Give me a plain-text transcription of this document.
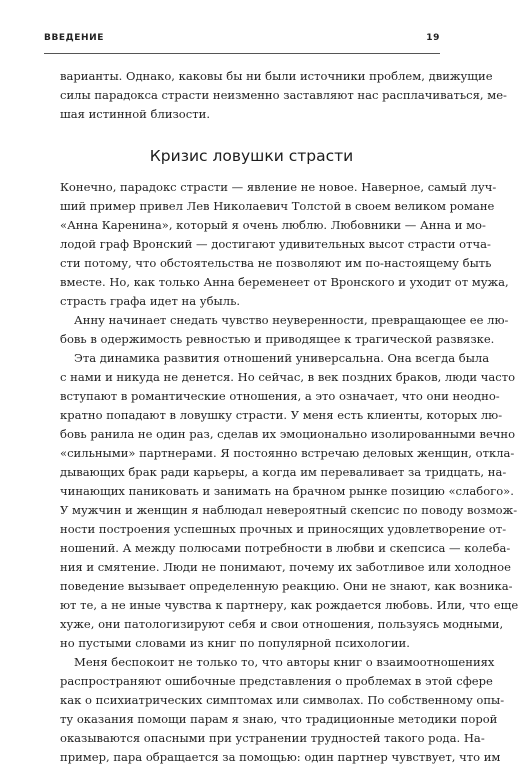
ВВЕДЕНИЕ	19
варианты. Однако, каковы бы ни были источники проблем, движущие
силы парадокса страсти неизменно заставляют нас расплачиваться, ме-
шая истинной близости.
Кризис ловушки страсти
Конечно, парадокс страсти — явление не новое. Наверное, самый луч-
ший пример привел Лев Николаевич Толстой в своем великом романе
«Анна Каренина», который я очень люблю. Любовники — Анна и мо-
лодой граф Вронский — достигают удивительных высот страсти отча-
сти потому, что обстоятельства не позволяют им по-настоящему быть
вместе. Но, как только Анна беременеет от Вронского и уходит от мужа,
страсть графа идет на убыль.
Анну начинает снедать чувство неуверенности, превращающее ее лю-
бовь в одержимость ревностью и приводящее к трагической развязке.
Эта динамика развития отношений универсальна. Она всегда была
с нами и никуда не денется. Но сейчас, в век поздних браков, люди часто
вступают в романтические отношения, а это означает, что они неодно-
кратно попадают в ловушку страсти. У меня есть клиенты, которых лю-
бовь ранила не один раз, сделав их эмоционально изолированными вечно
«сильными» партнерами. Я постоянно встречаю деловых женщин, откла-
дывающих брак ради карьеры, а когда им переваливает за тридцать, на-
чинающих паниковать и занимать на брачном рынке позицию «слабого».
У мужчин и женщин я наблюдал невероятный скепсис по поводу возмож-
ности построения успешных прочных и приносящих удовлетворение от-
ношений. А между полюсами потребности в любви и скепсиса — колеба-
ния и смятение. Люди не понимают, почему их заботливое или холодное
поведение вызывает определенную реакцию. Они не знают, как возника-
ют те, а не иные чувства к партнеру, как рождается любовь. Или, что еще
хуже, они патологизируют себя и свои отношения, пользуясь модными,
но пустыми словами из книг по популярной психологии.
Меня беспокоит не только то, что авторы книг о взаимоотношениях
распространяют ошибочные представления о проблемах в этой сфере
как о психиатрических симптомах или символах. По собственному опы-
ту оказания помощи парам я знаю, что традиционные методики порой
оказываются опасными при устранении трудностей такого рода. На-
пример, пара обращается за помощью: один партнер чувствует, что им
